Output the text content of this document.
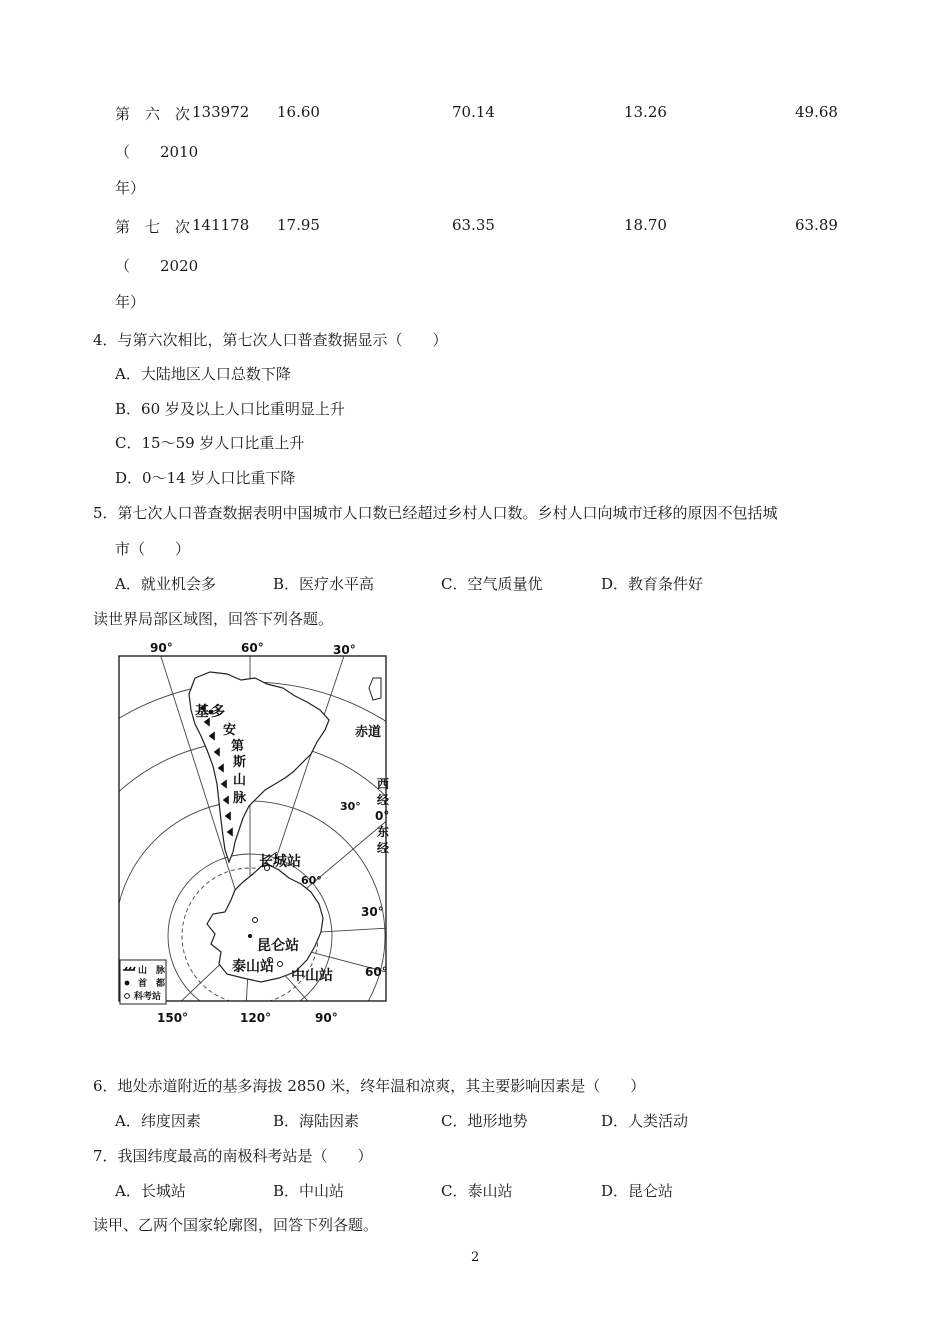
第　六　次 133972 16.60	70.14	13.26	49.68
（　　2010
年）
第　七　次 141178 17.95	63.35	18.70	63.89
（　　2020
年）
4．与第六次相比，第七次人口普查数据显示（　　）
A．大陆地区人口总数下降
B．60 岁及以上人口比重明显上升
C．15～59 岁人口比重上升
D．0～14 岁人口比重下降
5．第七次人口普查数据表明中国城市人口数已经超过乡村人口数。乡村人口向城市迁移的原因不包括城
市（　　）
A．就业机会多	B．医疗水平高	C．空气质量优	D．教育条件好
读世界局部区域图，回答下列各题。
90°	60°	30°
150°	120°	90°
30°
60°
30°
60°
赤道
西
经
0°
东
经
基 多
安
第
斯
山
脉
长城站
昆仑站
泰山站
中山站
山　脉
首　都
科考站
6．地处赤道附近的基多海拔 2850 米，终年温和凉爽，其主要影响因素是（　　）
A．纬度因素	B．海陆因素	C．地形地势	D．人类活动
7．我国纬度最高的南极科考站是（　　）
A．长城站	B．中山站	C．泰山站	D．昆仑站
读甲、乙两个国家轮廓图，回答下列各题。
2
